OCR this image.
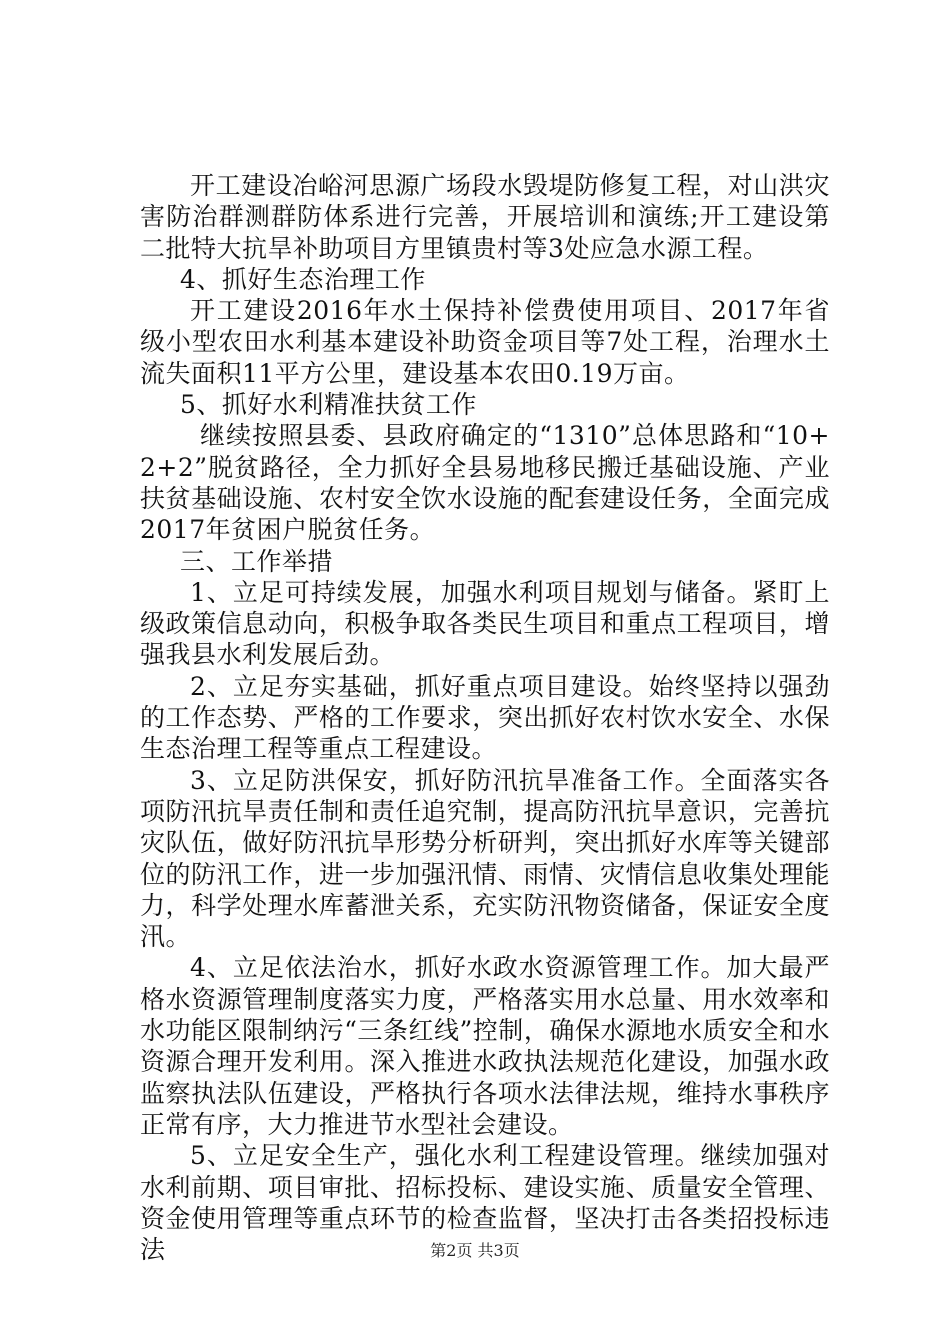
开工建设冶峪河思源广场段水毁堤防修复工程，对山洪灾害防治群测群防体系进行完善，开展培训和演练;开工建设第二批特大抗旱补助项目方里镇贵村等3处应急水源工程。

4、抓好生态治理工作

开工建设2016年水土保持补偿费使用项目、2017年省级小型农田水利基本建设补助资金项目等7处工程，治理水土流失面积11平方公里，建设基本农田0.19万亩。

5、抓好水利精准扶贫工作

继续按照县委、县政府确定的“1310”总体思路和“10+2+2”脱贫路径，全力抓好全县易地移民搬迁基础设施、产业扶贫基础设施、农村安全饮水设施的配套建设任务，全面完成2017年贫困户脱贫任务。

三、工作举措

1、立足可持续发展，加强水利项目规划与储备。紧盯上级政策信息动向，积极争取各类民生项目和重点工程项目，增强我县水利发展后劲。

2、立足夯实基础，抓好重点项目建设。始终坚持以强劲的工作态势、严格的工作要求，突出抓好农村饮水安全、水保生态治理工程等重点工程建设。

3、立足防洪保安，抓好防汛抗旱准备工作。全面落实各项防汛抗旱责任制和责任追究制，提高防汛抗旱意识，完善抗灾队伍，做好防汛抗旱形势分析研判，突出抓好水库等关键部位的防汛工作，进一步加强汛情、雨情、灾情信息收集处理能力，科学处理水库蓄泄关系，充实防汛物资储备，保证安全度汛。

4、立足依法治水，抓好水政水资源管理工作。加大最严格水资源管理制度落实力度，严格落实用水总量、用水效率和水功能区限制纳污“三条红线”控制，确保水源地水质安全和水资源合理开发利用。深入推进水政执法规范化建设，加强水政监察执法队伍建设，严格执行各项水法律法规，维持水事秩序正常有序，大力推进节水型社会建设。

5、立足安全生产，强化水利工程建设管理。继续加强对水利前期、项目审批、招标投标、建设实施、质量安全管理、资金使用管理等重点环节的检查监督，坚决打击各类招投标违法	第2页 共3页
